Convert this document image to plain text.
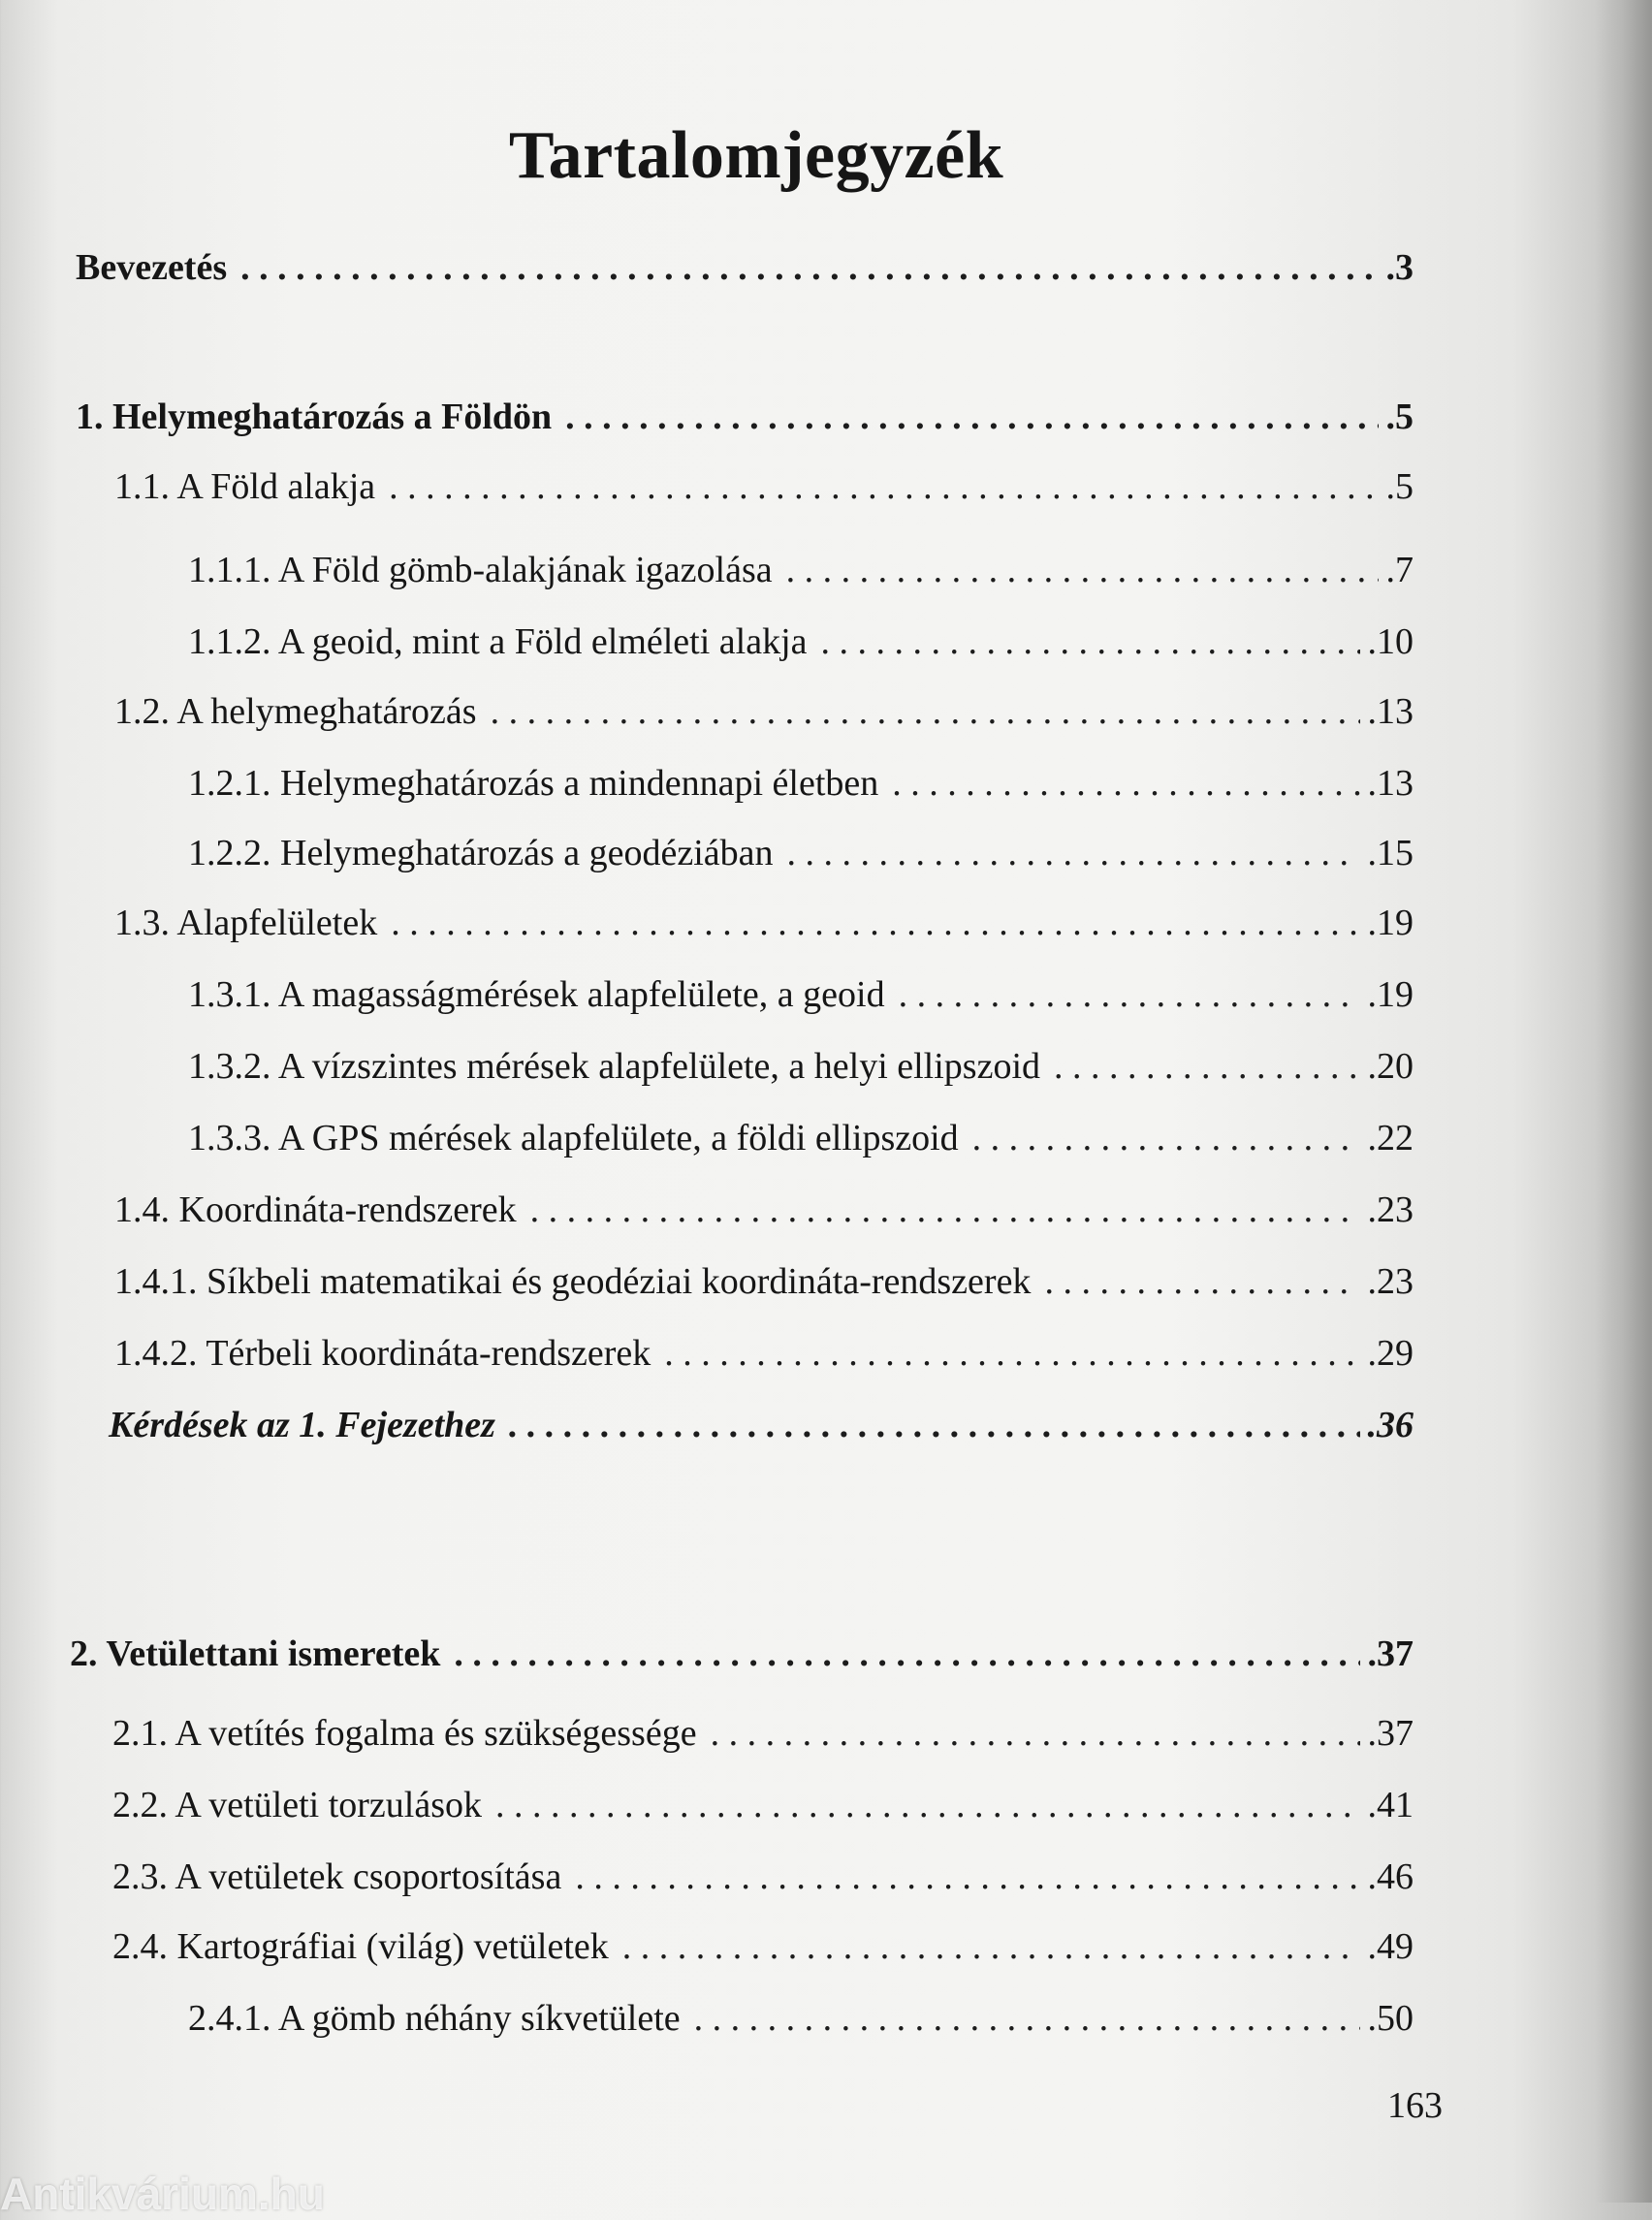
Tartalomjegyzék
Bevezetés . . .	.3
1. Helymeghatározás a Földön . . .	.5
1.1. A Föld alakja . . .	.5
1.1.1. A Föld gömb-alakjának igazolása . . .	.7
1.1.2. A geoid, mint a Föld elméleti alakja . . .	.10
1.2. A helymeghatározás . . .	.13
1.2.1. Helymeghatározás a mindennapi életben . . .	.13
1.2.2. Helymeghatározás a geodéziában . . .	.15
1.3. Alapfelületek . . .	.19
1.3.1. A magasságmérések alapfelülete, a geoid . . .	.19
1.3.2. A vízszintes mérések alapfelülete, a helyi ellipszoid . . .	.20
1.3.3. A GPS mérések alapfelülete, a földi ellipszoid . . .	.22
1.4. Koordináta-rendszerek . . .	.23
1.4.1. Síkbeli matematikai és geodéziai koordináta-rendszerek . . .	.23
1.4.2. Térbeli koordináta-rendszerek . . .	.29
Kérdések az 1. Fejezethez . . .	.36
2. Vetülettani ismeretek . . .	.37
2.1. A vetítés fogalma és szükségessége . . .	.37
2.2. A vetületi torzulások . . .	.41
2.3. A vetületek csoportosítása . . .	.46
2.4. Kartográfiai (világ) vetületek . . .	.49
2.4.1. A gömb néhány síkvetülete . . .	.50
163
Antikvárium.hu
